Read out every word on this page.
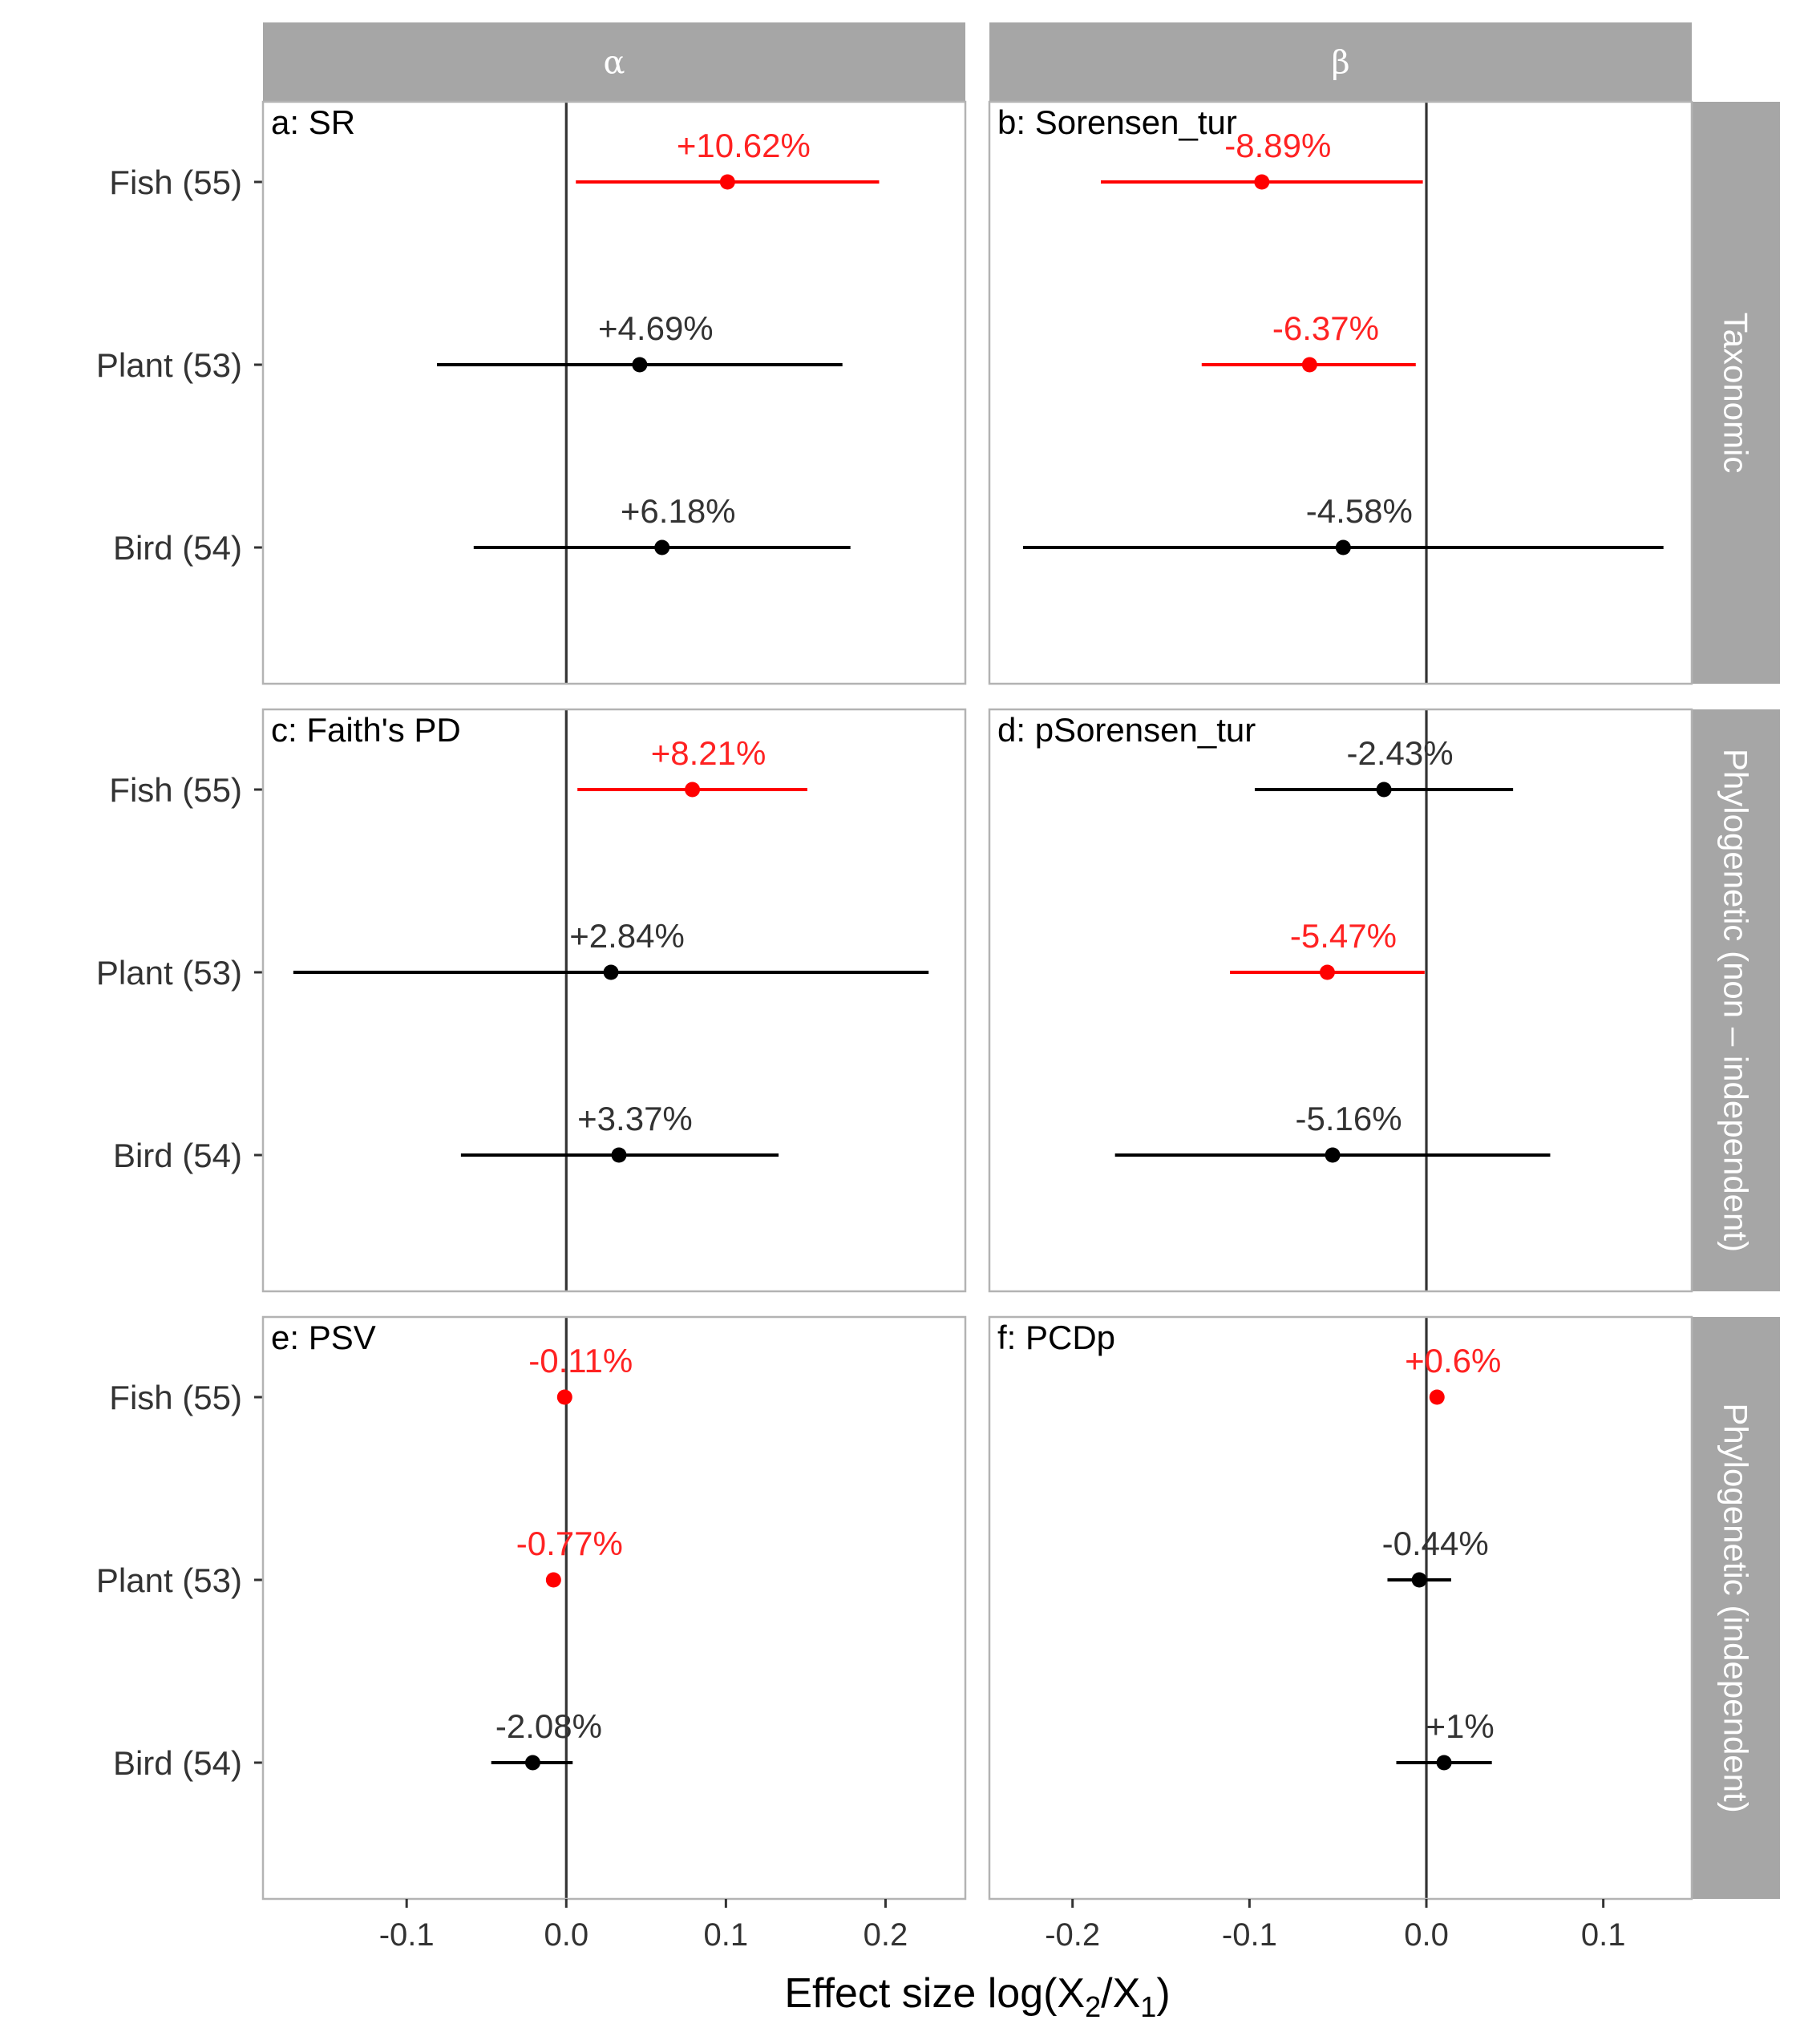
α	β
Taxonomic
Phylogenetic (non – independent)
Phylogenetic (independent)
Fish (55)
Plant (53)
Bird (54)
Fish (55)
Plant (53)
Bird (54)
Fish (55)
Plant (53)
Bird (54)
a: SR
+10.62%
+4.69%
+6.18%
b: Sorensen_tur
-8.89%
-6.37%
-4.58%
c: Faith's PD
+8.21%
+2.84%
+3.37%
d: pSorensen_tur
-2.43%
-5.47%
-5.16%
e: PSV
-0.11%
-0.77%
-2.08%
f: PCDp
+0.6%
-0.44%
+1%
-0.1	0.0	0.1	0.2	-0.2	-0.1	0.0	0.1
Effect size $\log(X_2/X_1)$
